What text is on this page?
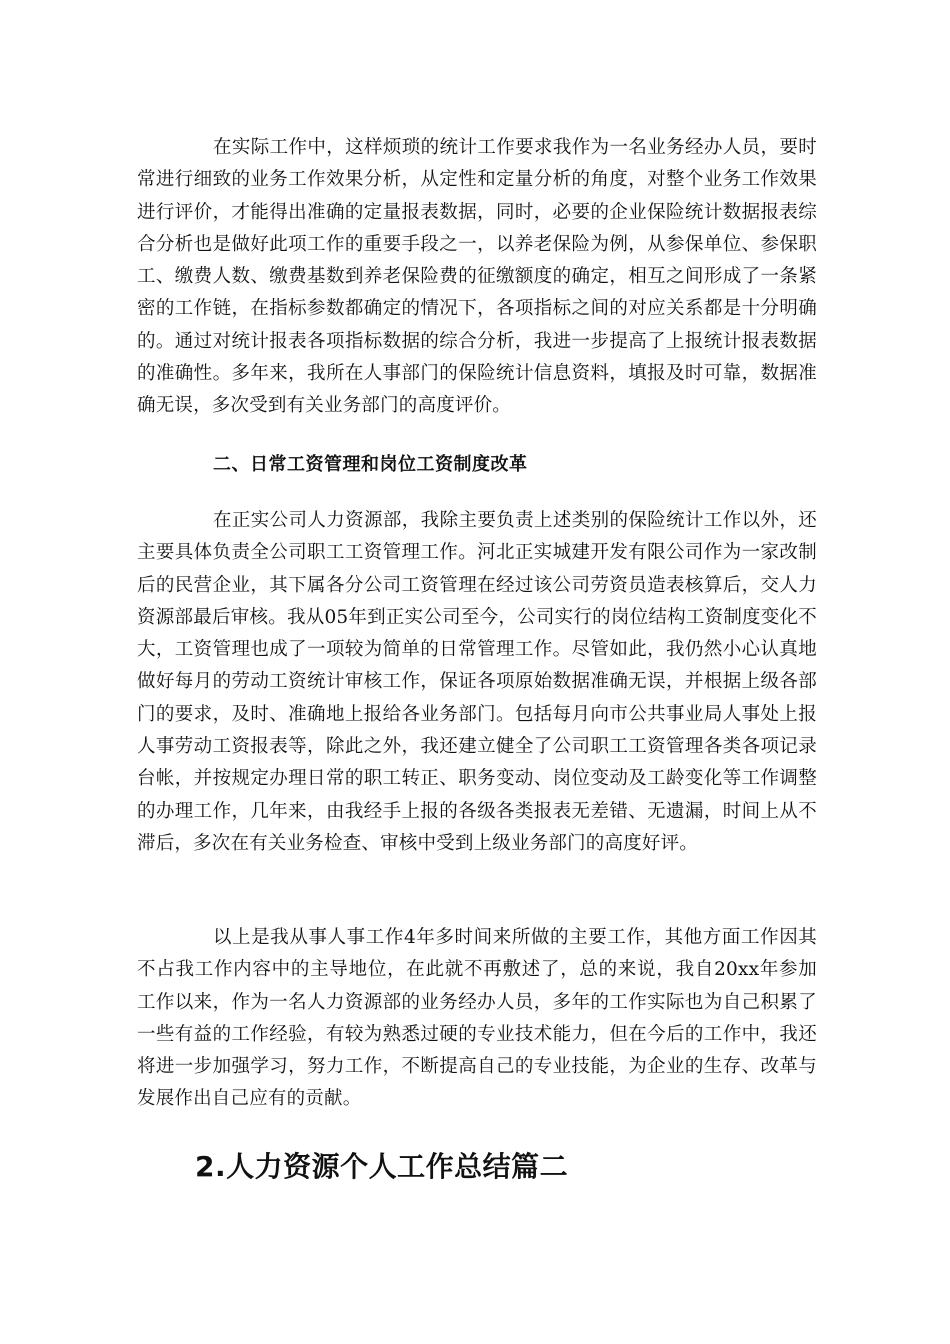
在实际工作中，这样烦琐的统计工作要求我作为一名业务经办人员，要时常进行细致的业务工作效果分析，从定性和定量分析的角度，对整个业务工作效果进行评价，才能得出准确的定量报表数据，同时，必要的企业保险统计数据报表综合分析也是做好此项工作的重要手段之一，以养老保险为例，从参保单位、参保职工、缴费人数、缴费基数到养老保险费的征缴额度的确定，相互之间形成了一条紧密的工作链，在指标参数都确定的情况下，各项指标之间的对应关系都是十分明确的。通过对统计报表各项指标数据的综合分析，我进一步提高了上报统计报表数据的准确性。多年来，我所在人事部门的保险统计信息资料，填报及时可靠，数据准确无误，多次受到有关业务部门的高度评价。

二、日常工资管理和岗位工资制度改革

在正实公司人力资源部，我除主要负责上述类别的保险统计工作以外，还主要具体负责全公司职工工资管理工作。河北正实城建开发有限公司作为一家改制后的民营企业，其下属各分公司工资管理在经过该公司劳资员造表核算后，交人力资源部最后审核。我从05年到正实公司至今，公司实行的岗位结构工资制度变化不大，工资管理也成了一项较为简单的日常管理工作。尽管如此，我仍然小心认真地做好每月的劳动工资统计审核工作，保证各项原始数据准确无误，并根据上级各部门的要求，及时、准确地上报给各业务部门。包括每月向市公共事业局人事处上报人事劳动工资报表等，除此之外，我还建立健全了公司职工工资管理各类各项记录台帐，并按规定办理日常的职工转正、职务变动、岗位变动及工龄变化等工作调整的办理工作，几年来，由我经手上报的各级各类报表无差错、无遗漏，时间上从不滞后，多次在有关业务检查、审核中受到上级业务部门的高度好评。

以上是我从事人事工作4年多时间来所做的主要工作，其他方面工作因其不占我工作内容中的主导地位，在此就不再敷述了，总的来说，我自20xx年参加工作以来，作为一名人力资源部的业务经办人员，多年的工作实际也为自己积累了一些有益的工作经验，有较为熟悉过硬的专业技术能力，但在今后的工作中，我还将进一步加强学习，努力工作，不断提高自己的专业技能，为企业的生存、改革与发展作出自己应有的贡献。

2.人力资源个人工作总结篇二
